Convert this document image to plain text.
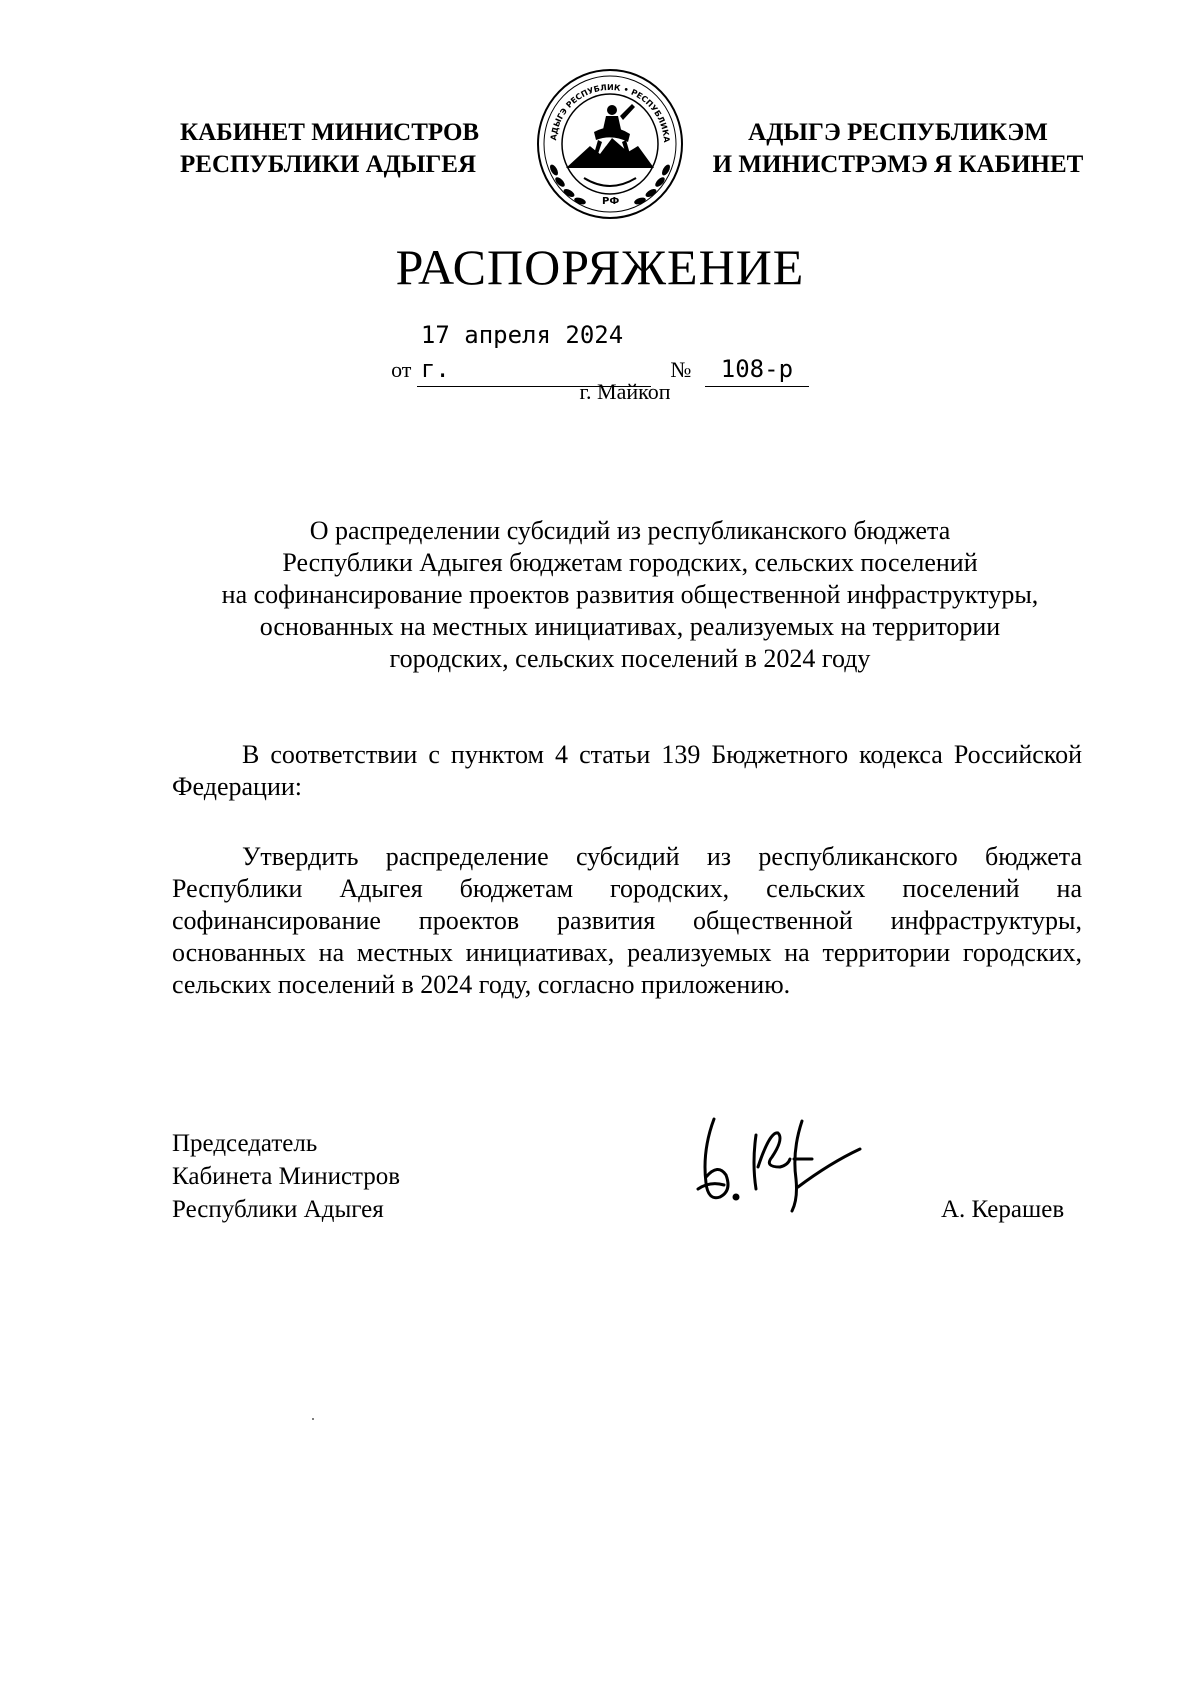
КАБИНЕТ МИНИСТРОВ
РЕСПУБЛИКИ АДЫГЕЯ
АДЫГЭ РЕСПУБЛИК • РЕСПУБЛИКА
РФ
АДЫГЭ РЕСПУБЛИКЭМ
И МИНИСТРЭМЭ Я КАБИНЕТ
РАСПОРЯЖЕНИЕ
от 17 апреля 2024 г.	№ 108-р
г. Майкоп
О распределении субсидий из республиканского бюджета
Республики Адыгея бюджетам городских, сельских поселений
на софинансирование проектов развития общественной инфраструктуры,
основанных на местных инициативах, реализуемых на территории
городских, сельских поселений в 2024 году

В соответствии с пунктом 4 статьи 139 Бюджетного кодекса Российской Федерации:

Утвердить распределение субсидий из республиканского бюджета Республики Адыгея бюджетам городских, сельских поселений на софинансирование проектов развития общественной инфраструктуры, основанных на местных инициативах, реализуемых на территории городских, сельских поселений в 2024 году, согласно приложению.

Председатель
Кабинета Министров
Республики Адыгея	А. Керашев
